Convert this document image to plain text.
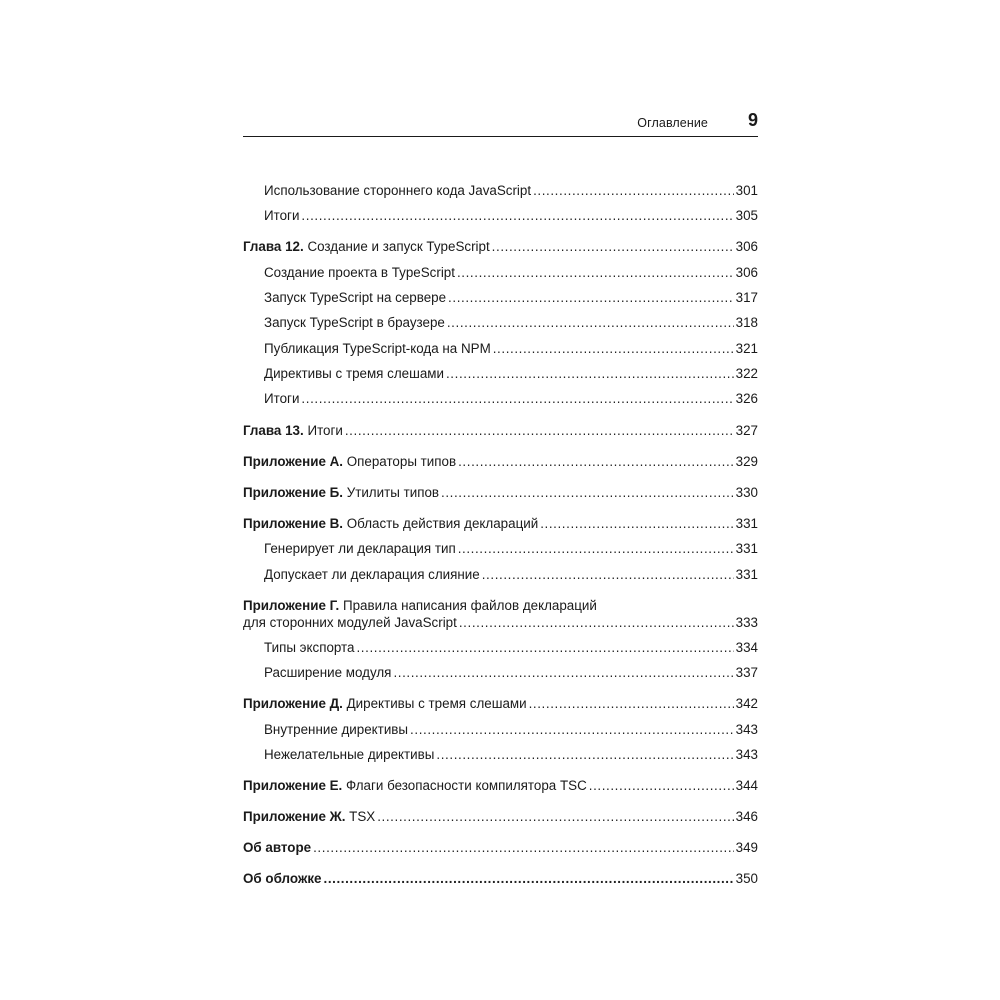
Оглавление 9
Использование стороннего кода JavaScript .....	301
Итоги .....	305
Глава 12. Создание и запуск TypeScript .....	306
Создание проекта в TypeScript .....	306
Запуск TypeScript на сервере .....	317
Запуск TypeScript в браузере .....	318
Публикация TypeScript-кода на NPM .....	321
Директивы с тремя слешами .....	322
Итоги .....	326
Глава 13. Итоги .....	327
Приложение А. Операторы типов .....	329
Приложение Б. Утилиты типов .....	330
Приложение В. Область действия деклараций .....	331
Генерирует ли декларация тип .....	331
Допускает ли декларация слияние .....	331
Приложение Г. Правила написания файлов деклараций
для сторонних модулей JavaScript .....	333
Типы экспорта .....	334
Расширение модуля .....	337
Приложение Д. Директивы с тремя слешами .....	342
Внутренние директивы .....	343
Нежелательные директивы .....	343
Приложение Е. Флаги безопасности компилятора TSC .....	344
Приложение Ж. TSX .....	346
Об авторе .....	349
Об обложке .....	350
